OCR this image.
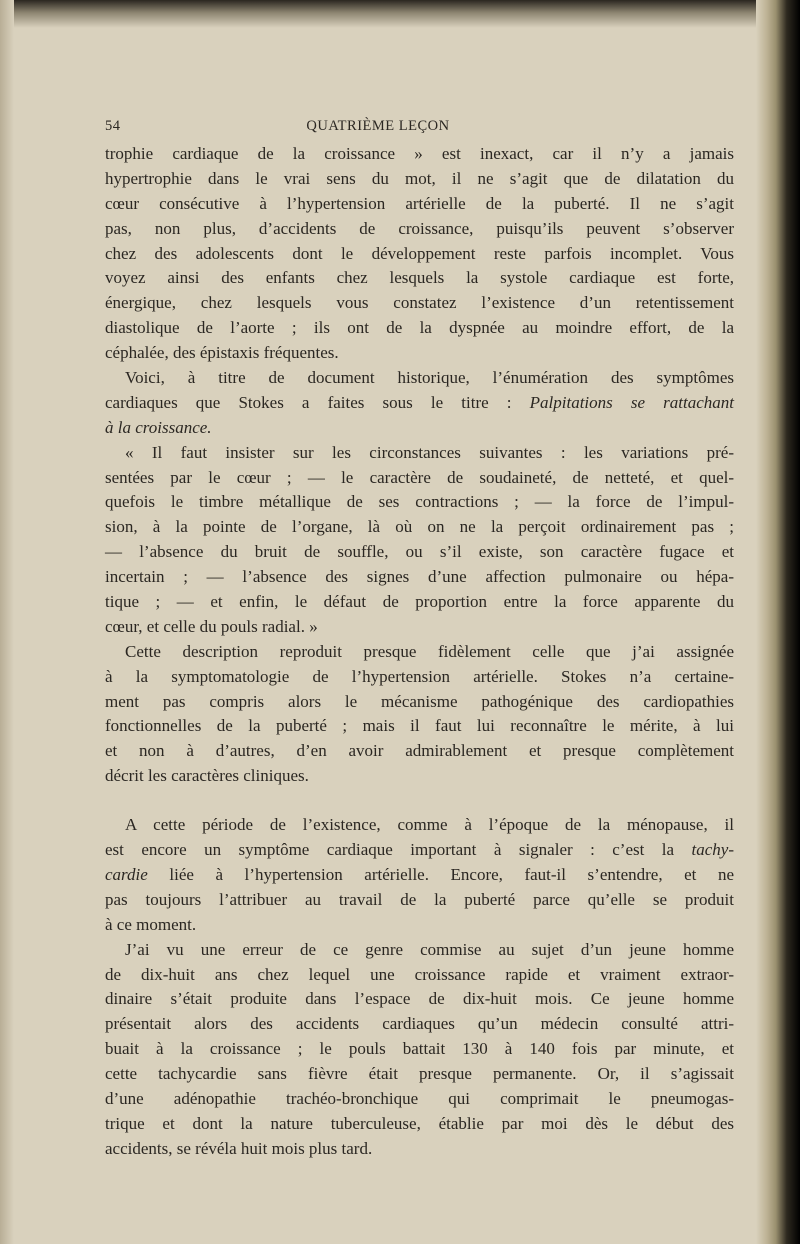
54	QUATRIÈME LEÇON
trophie cardiaque de la croissance » est inexact, car il n’y a jamais
hypertrophie dans le vrai sens du mot, il ne s’agit que de dilatation du
cœur consécutive à l’hypertension artérielle de la puberté. Il ne s’agit
pas, non plus, d’accidents de croissance, puisqu’ils peuvent s’observer
chez des adolescents dont le développement reste parfois incomplet. Vous
voyez ainsi des enfants chez lesquels la systole cardiaque est forte,
énergique, chez lesquels vous constatez l’existence d’un retentissement
diastolique de l’aorte ; ils ont de la dyspnée au moindre effort, de la
céphalée, des épistaxis fréquentes.
Voici, à titre de document historique, l’énumération des symptômes
cardiaques que Stokes a faites sous le titre : Palpitations se rattachant
à la croissance.
« Il faut insister sur les circonstances suivantes : les variations pré-
sentées par le cœur ; — le caractère de soudaineté, de netteté, et quel-
quefois le timbre métallique de ses contractions ; — la force de l’impul-
sion, à la pointe de l’organe, là où on ne la perçoit ordinairement pas ;
— l’absence du bruit de souffle, ou s’il existe, son caractère fugace et
incertain ; — l’absence des signes d’une affection pulmonaire ou hépa-
tique ; — et enfin, le défaut de proportion entre la force apparente du
cœur, et celle du pouls radial. »
Cette description reproduit presque fidèlement celle que j’ai assignée
à la symptomatologie de l’hypertension artérielle. Stokes n’a certaine-
ment pas compris alors le mécanisme pathogénique des cardiopathies
fonctionnelles de la puberté ; mais il faut lui reconnaître le mérite, à lui
et non à d’autres, d’en avoir admirablement et presque complètement
décrit les caractères cliniques.
A cette période de l’existence, comme à l’époque de la ménopause, il
est encore un symptôme cardiaque important à signaler : c’est la tachy-
cardie liée à l’hypertension artérielle. Encore, faut-il s’entendre, et ne
pas toujours l’attribuer au travail de la puberté parce qu’elle se produit
à ce moment.
J’ai vu une erreur de ce genre commise au sujet d’un jeune homme
de dix-huit ans chez lequel une croissance rapide et vraiment extraor-
dinaire s’était produite dans l’espace de dix-huit mois. Ce jeune homme
présentait alors des accidents cardiaques qu’un médecin consulté attri-
buait à la croissance ; le pouls battait 130 à 140 fois par minute, et
cette tachycardie sans fièvre était presque permanente. Or, il s’agissait
d’une adénopathie trachéo-bronchique qui comprimait le pneumogas-
trique et dont la nature tuberculeuse, établie par moi dès le début des
accidents, se révéla huit mois plus tard.
